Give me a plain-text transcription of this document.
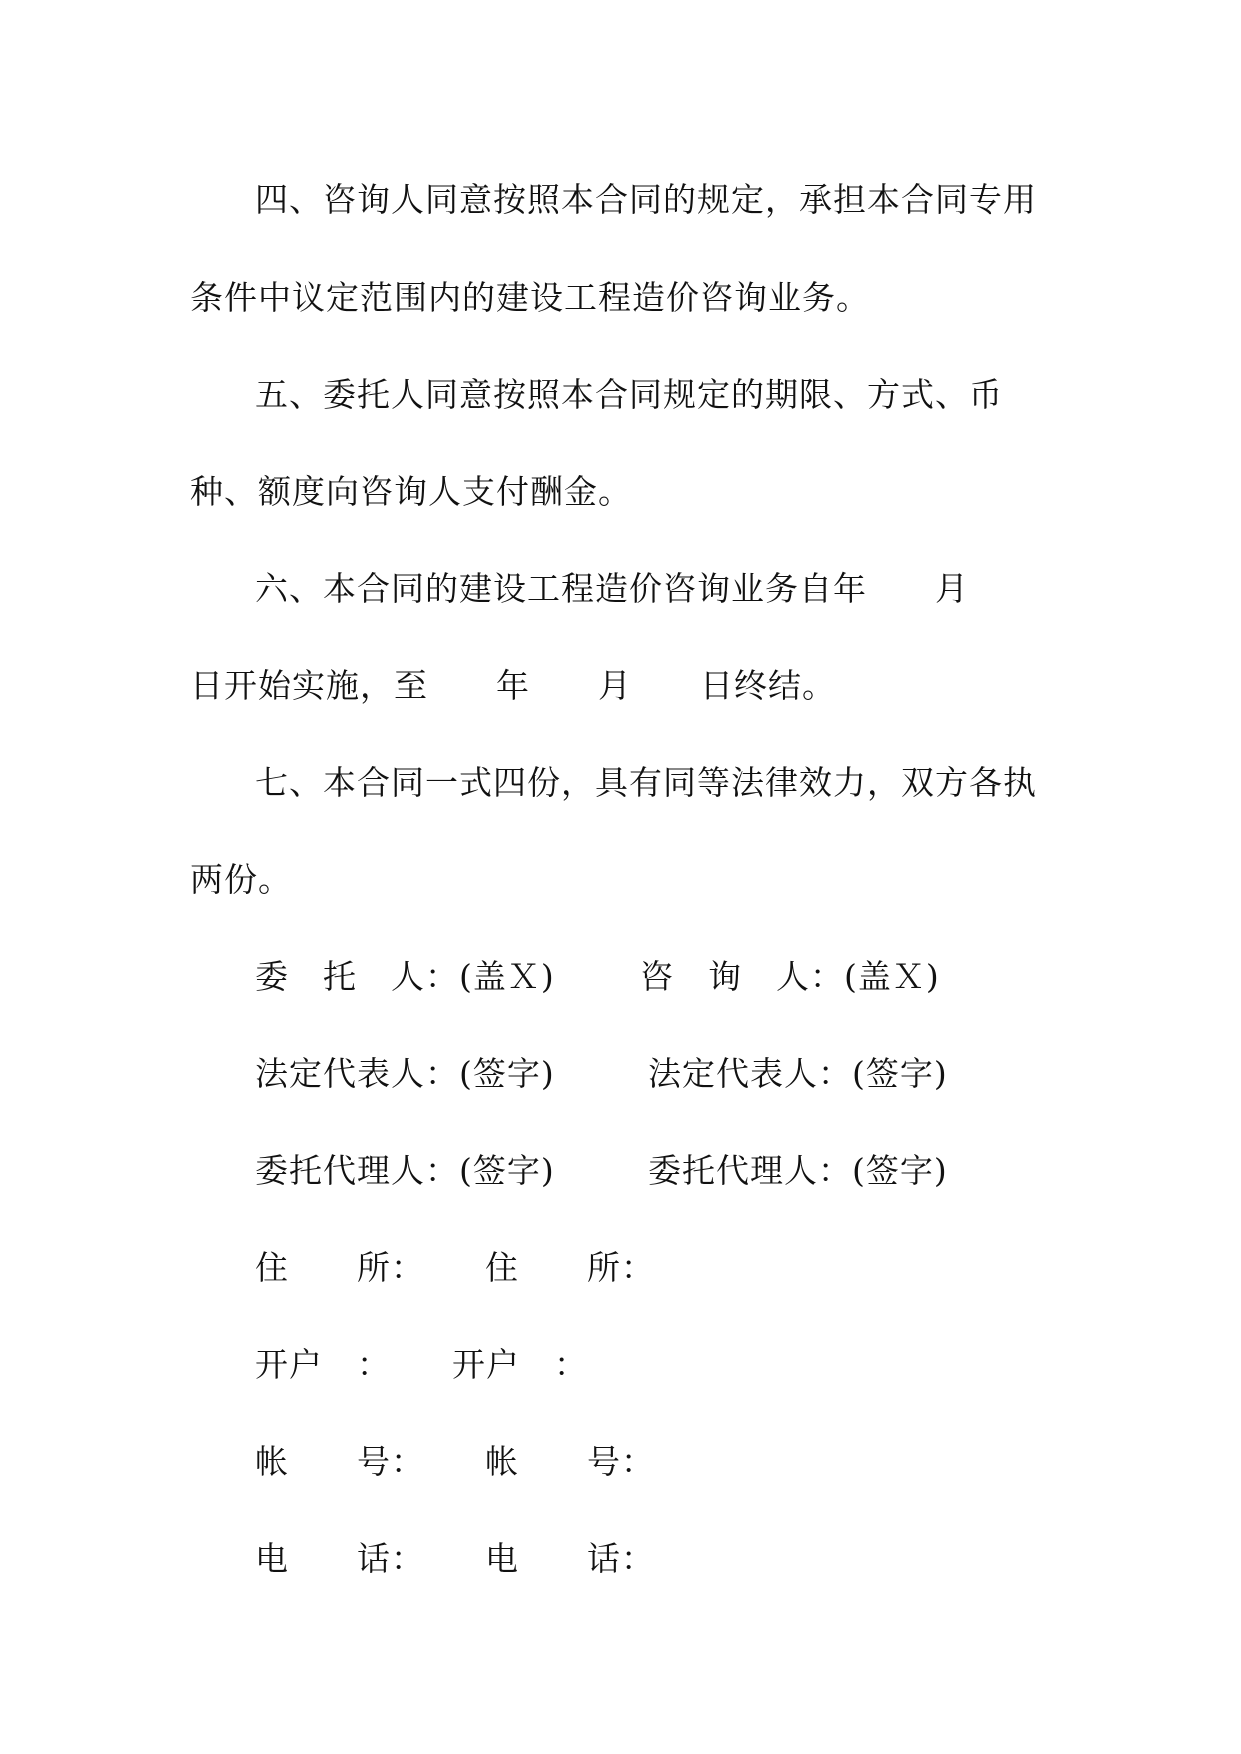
四、咨询人同意按照本合同的规定，承担本合同专用
条件中议定范围内的建设工程造价咨询业务。
五、委托人同意按照本合同规定的期限、方式、币
种、额度向咨询人支付酬金。
六、本合同的建设工程造价咨询业务自年　　月
日开始实施，至　　年　　月　　日终结。
七、本合同一式四份，具有同等法律效力，双方各执
两份。
委　托　人：(盖Ｘ)	咨　询　人：(盖Ｘ)
法定代表人：(签字)	法定代表人：(签字)
委托代理人：(签字)	委托代理人：(签字)
住　　所： 住　　所：
开户　： 开户　：
帐　　号： 帐　　号：
电　　话： 电　　话：
